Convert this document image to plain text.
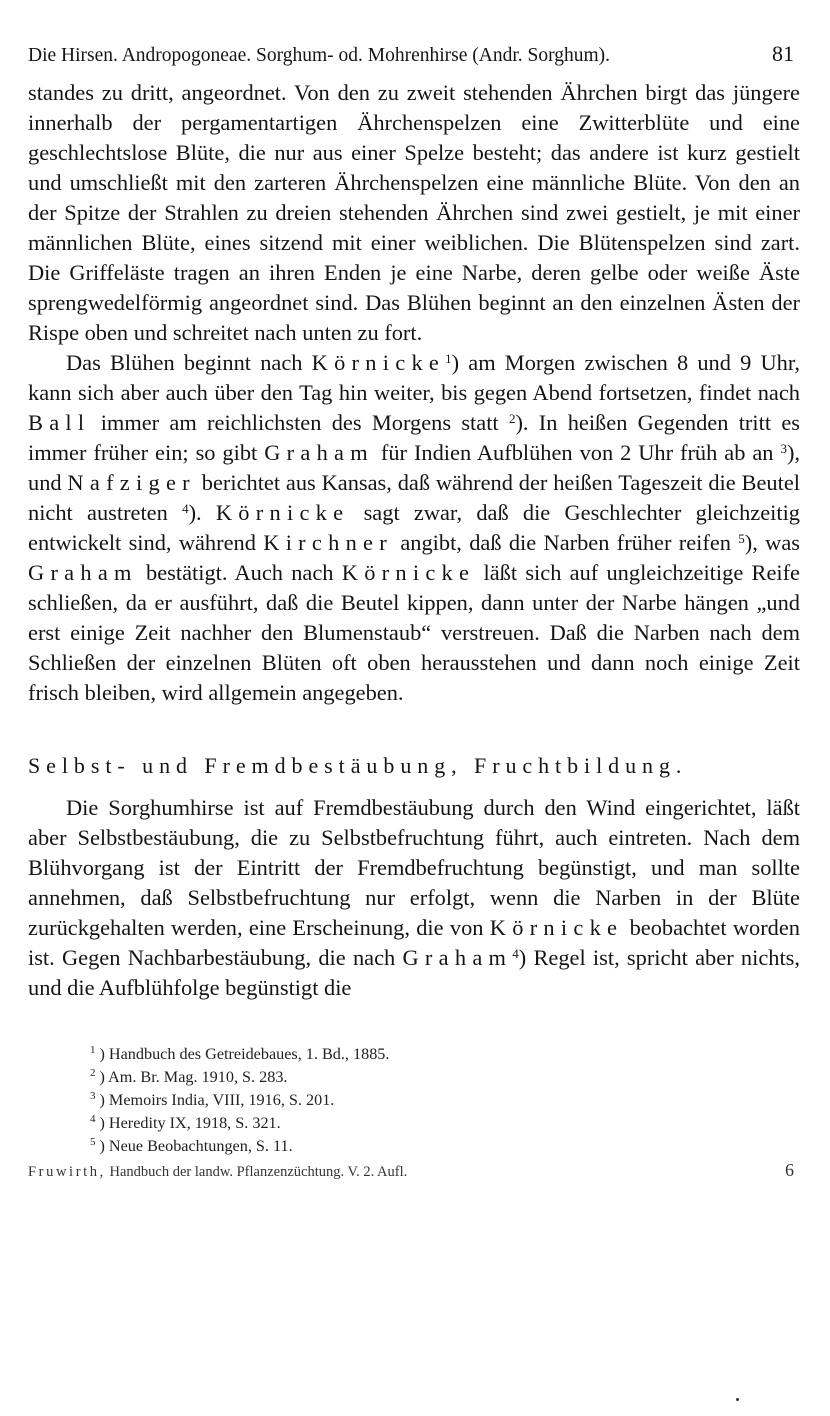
Die Hirsen. Andropogoneae. Sorghum- od. Mohrenhirse (Andr. Sorghum).	81

standes zu dritt, angeordnet. Von den zu zweit stehenden Ährchen birgt das jüngere innerhalb der pergamentartigen Ährchenspelzen eine Zwitterblüte und eine geschlechtslose Blüte, die nur aus einer Spelze besteht; das andere ist kurz gestielt und umschließt mit den zarteren Ährchenspelzen eine männliche Blüte. Von den an der Spitze der Strahlen zu dreien stehenden Ährchen sind zwei gestielt, je mit einer männlichen Blüte, eines sitzend mit einer weiblichen. Die Blütenspelzen sind zart. Die Griffeläste tragen an ihren Enden je eine Narbe, deren gelbe oder weiße Äste sprengwedelförmig angeordnet sind. Das Blühen beginnt an den einzelnen Ästen der Rispe oben und schreitet nach unten zu fort.

Das Blühen beginnt nach Körnicke$^1$) am Morgen zwischen 8 und 9 Uhr, kann sich aber auch über den Tag hin weiter, bis gegen Abend fortsetzen, findet nach Ball immer am reichlichsten des Morgens statt $^2$). In heißen Gegenden tritt es immer früher ein; so gibt Graham für Indien Aufblühen von 2 Uhr früh ab an $^3$), und Nafziger berichtet aus Kansas, daß während der heißen Tageszeit die Beutel nicht austreten $^4$). Körnicke sagt zwar, daß die Geschlechter gleichzeitig entwickelt sind, während Kirchner angibt, daß die Narben früher reifen $^5$), was Graham bestätigt. Auch nach Körnicke läßt sich auf ungleichzeitige Reife schließen, da er ausführt, daß die Beutel kippen, dann unter der Narbe hängen „und erst einige Zeit nachher den Blumenstaub“ verstreuen. Daß die Narben nach dem Schließen der einzelnen Blüten oft oben herausstehen und dann noch einige Zeit frisch bleiben, wird allgemein angegeben.

Selbst- und Fremdbestäubung, Fruchtbildung.

Die Sorghumhirse ist auf Fremdbestäubung durch den Wind eingerichtet, läßt aber Selbstbestäubung, die zu Selbstbefruchtung führt, auch eintreten. Nach dem Blühvorgang ist der Eintritt der Fremdbefruchtung begünstigt, und man sollte annehmen, daß Selbstbefruchtung nur erfolgt, wenn die Narben in der Blüte zurückgehalten werden, eine Erscheinung, die von Körnicke beobachtet worden ist. Gegen Nachbarbestäubung, die nach Graham$^4$) Regel ist, spricht aber nichts, und die Aufblühfolge begünstigt die

$^1$ ) Handbuch des Getreidebaues, 1. Bd., 1885.
$^2$ ) Am. Br. Mag. 1910, S. 283.
$^3$ ) Memoirs India, VIII, 1916, S. 201.
$^4$ ) Heredity IX, 1918, S. 321.
$^5$ ) Neue Beobachtungen, S. 11.
Fruwirth, Handbuch der landw. Pflanzenzüchtung. V. 2. Aufl.	6
